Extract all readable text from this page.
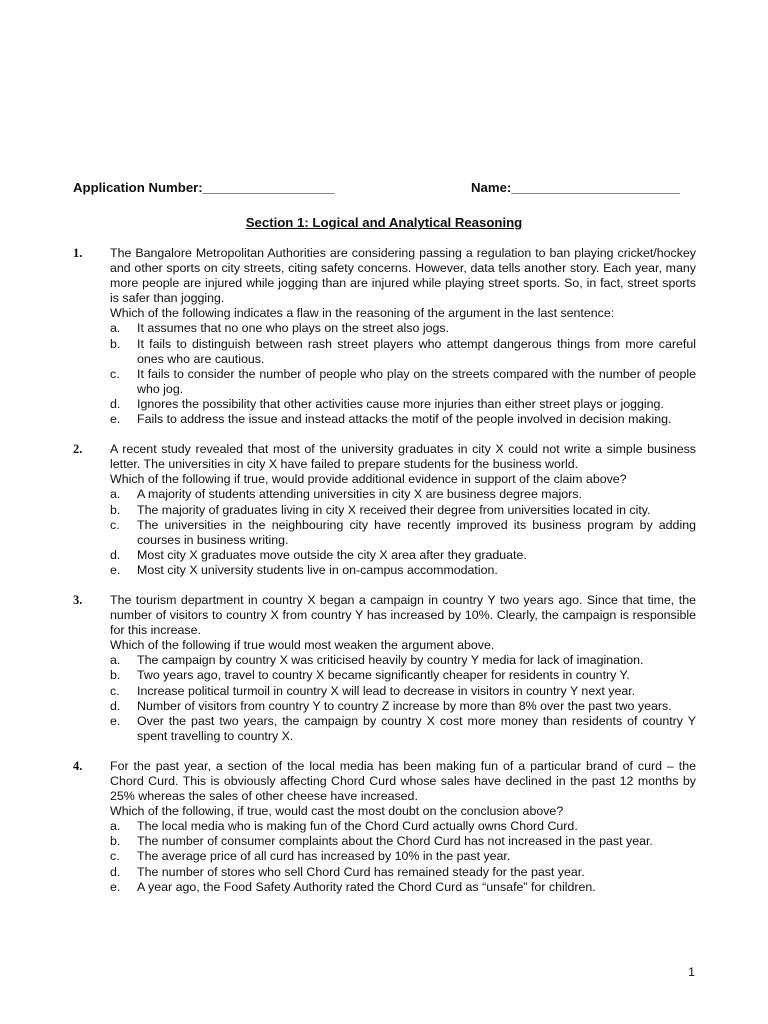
Application Number:__________________	Name:_______________________
Section 1: Logical and Analytical Reasoning
1. The Bangalore Metropolitan Authorities are considering passing a regulation to ban playing cricket/hockey and other sports on city streets, citing safety concerns. However, data tells another story. Each year, many more people are injured while jogging than are injured while playing street sports. So, in fact, street sports is safer than jogging.
Which of the following indicates a flaw in the reasoning of the argument in the last sentence:
a. It assumes that no one who plays on the street also jogs.
b. It fails to distinguish between rash street players who attempt dangerous things from more careful ones who are cautious.
c. It fails to consider the number of people who play on the streets compared with the number of people who jog.
d. Ignores the possibility that other activities cause more injuries than either street plays or jogging.
e. Fails to address the issue and instead attacks the motif of the people involved in decision making.
2. A recent study revealed that most of the university graduates in city X could not write a simple business letter. The universities in city X have failed to prepare students for the business world.
Which of the following if true, would provide additional evidence in support of the claim above?
a. A majority of students attending universities in city X are business degree majors.
b. The majority of graduates living in city X received their degree from universities located in city.
c. The universities in the neighbouring city have recently improved its business program by adding courses in business writing.
d. Most city X graduates move outside the city X area after they graduate.
e. Most city X university students live in on-campus accommodation.
3. The tourism department in country X began a campaign in country Y two years ago. Since that time, the number of visitors to country X from country Y has increased by 10%. Clearly, the campaign is responsible for this increase.
Which of the following if true would most weaken the argument above.
a. The campaign by country X was criticised heavily by country Y media for lack of imagination.
b. Two years ago, travel to country X became significantly cheaper for residents in country Y.
c. Increase political turmoil in country X will lead to decrease in visitors in country Y next year.
d. Number of visitors from country Y to country Z increase by more than 8% over the past two years.
e. Over the past two years, the campaign by country X cost more money than residents of country Y spent travelling to country X.
4. For the past year, a section of the local media has been making fun of a particular brand of curd – the Chord Curd. This is obviously affecting Chord Curd whose sales have declined in the past 12 months by 25% whereas the sales of other cheese have increased.
Which of the following, if true, would cast the most doubt on the conclusion above?
a. The local media who is making fun of the Chord Curd actually owns Chord Curd.
b. The number of consumer complaints about the Chord Curd has not increased in the past year.
c. The average price of all curd has increased by 10% in the past year.
d. The number of stores who sell Chord Curd has remained steady for the past year.
e. A year ago, the Food Safety Authority rated the Chord Curd as “unsafe” for children.
1
